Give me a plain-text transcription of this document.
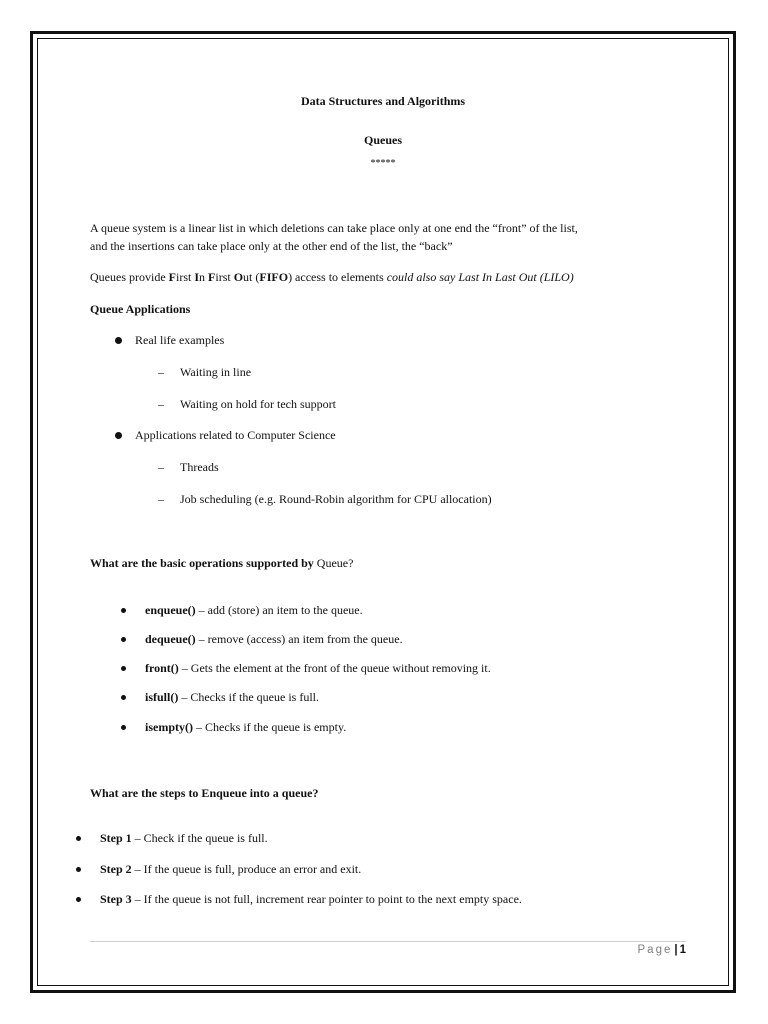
Data Structures and Algorithms
Queues
*****
A queue system is a linear list in which deletions can take place only at one end the “front” of the list,
and the insertions can take place only at the other end of the list, the “back”
Queues provide First In First Out (FIFO) access to elements could also say Last In Last Out (LILO)
Queue Applications
Real life examples
– Waiting in line
– Waiting on hold for tech support
Applications related to Computer Science
– Threads
– Job scheduling (e.g. Round-Robin algorithm for CPU allocation)
What are the basic operations supported by Queue?
enqueue() – add (store) an item to the queue.
dequeue() – remove (access) an item from the queue.
front() – Gets the element at the front of the queue without removing it.
isfull() – Checks if the queue is full.
isempty() – Checks if the queue is empty.
What are the steps to Enqueue into a queue?
Step 1 – Check if the queue is full.
Step 2 – If the queue is full, produce an error and exit.
Step 3 – If the queue is not full, increment rear pointer to point to the next empty space.
Page | 1
